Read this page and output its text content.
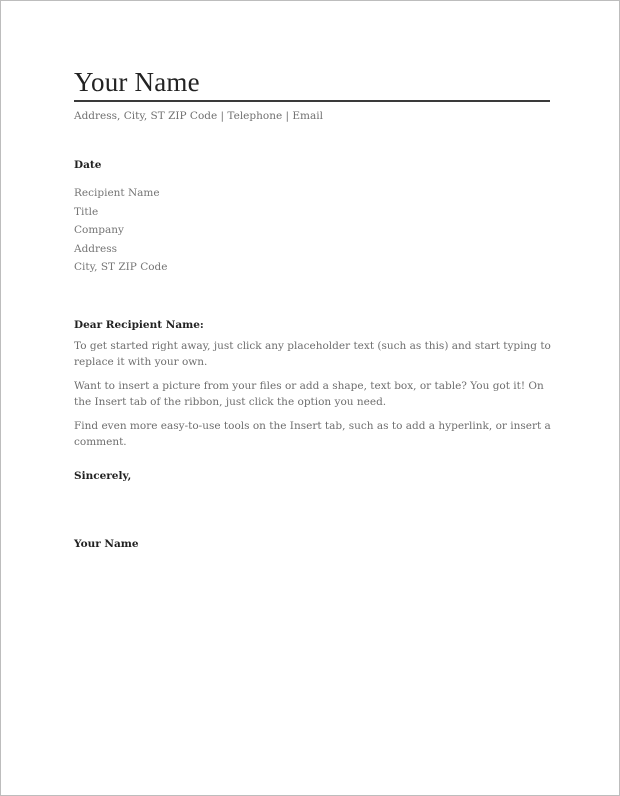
Your Name
Address, City, ST ZIP Code | Telephone | Email
Date
Recipient Name
Title
Company
Address
City, ST ZIP Code
Dear Recipient Name:
To get started right away, just click any placeholder text (such as this) and start typing to replace it with your own.
Want to insert a picture from your files or add a shape, text box, or table? You got it! On the Insert tab of the ribbon, just click the option you need.
Find even more easy-to-use tools on the Insert tab, such as to add a hyperlink, or insert a comment.
Sincerely,
Your Name
